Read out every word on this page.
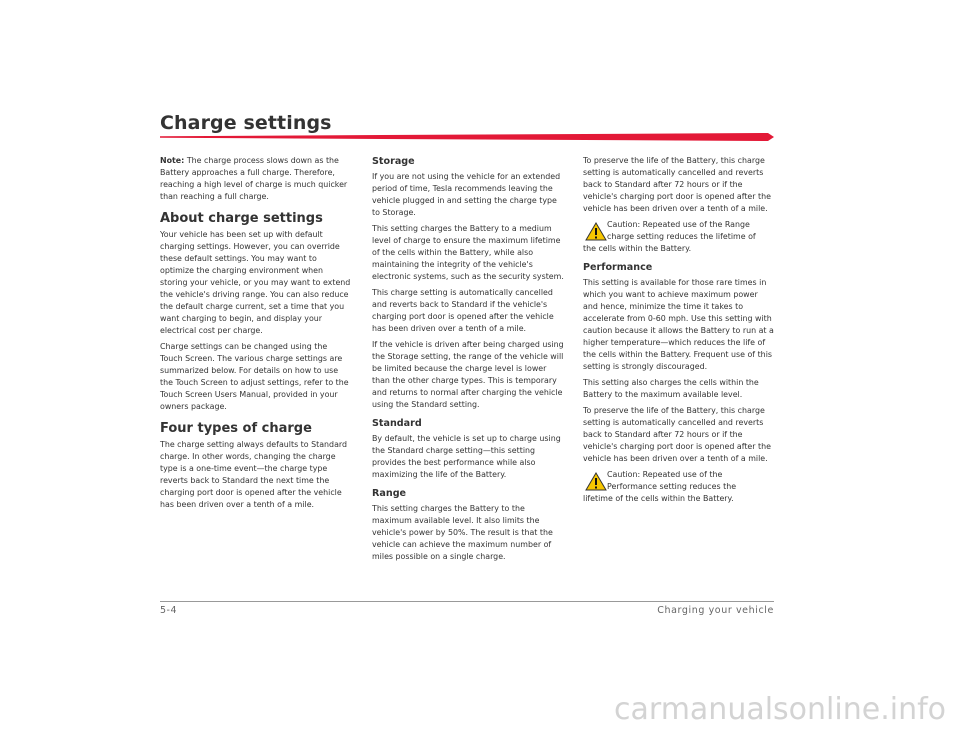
Charge settings

Note: The charge process slows down as the Battery approaches a full charge. Therefore, reaching a high level of charge is much quicker than reaching a full charge.

About charge settings

Your vehicle has been set up with default charging settings. However, you can override these default settings. You may want to optimize the charging environment when storing your vehicle, or you may want to extend the vehicle's driving range. You can also reduce the default charge current, set a time that you want charging to begin, and display your electrical cost per charge.

Charge settings can be changed using the Touch Screen. The various charge settings are summarized below. For details on how to use the Touch Screen to adjust settings, refer to the Touch Screen Users Manual, provided in your owners package.

Four types of charge

The charge setting always defaults to Standard charge. In other words, changing the charge type is a one-time event—the charge type reverts back to Standard the next time the charging port door is opened after the vehicle has been driven over a tenth of a mile.

Storage

If you are not using the vehicle for an extended period of time, Tesla recommends leaving the vehicle plugged in and setting the charge type to Storage.

This setting charges the Battery to a medium level of charge to ensure the maximum lifetime of the cells within the Battery, while also maintaining the integrity of the vehicle's electronic systems, such as the security system.

This charge setting is automatically cancelled and reverts back to Standard if the vehicle's charging port door is opened after the vehicle has been driven over a tenth of a mile.

If the vehicle is driven after being charged using the Storage setting, the range of the vehicle will be limited because the charge level is lower than the other charge types. This is temporary and returns to normal after charging the vehicle using the Standard setting.

Standard

By default, the vehicle is set up to charge using the Standard charge setting—this setting provides the best performance while also maximizing the life of the Battery.

Range

This setting charges the Battery to the maximum available level. It also limits the vehicle's power by 50%. The result is that the vehicle can achieve the maximum number of miles possible on a single charge.

To preserve the life of the Battery, this charge setting is automatically cancelled and reverts back to Standard after 72 hours or if the vehicle's charging port door is opened after the vehicle has been driven over a tenth of a mile.

Caution: Repeated use of the Range
charge setting reduces the lifetime of
the cells within the Battery.
Performance

This setting is available for those rare times in which you want to achieve maximum power and hence, minimize the time it takes to accelerate from 0-60 mph. Use this setting with caution because it allows the Battery to run at a higher temperature—which reduces the life of the cells within the Battery. Frequent use of this setting is strongly discouraged.

This setting also charges the cells within the Battery to the maximum available level.

To preserve the life of the Battery, this charge setting is automatically cancelled and reverts back to Standard after 72 hours or if the vehicle's charging port door is opened after the vehicle has been driven over a tenth of a mile.

Caution: Repeated use of the
Performance setting reduces the
lifetime of the cells within the Battery.
5-4	Charging your vehicle
carmanualsonline.info
